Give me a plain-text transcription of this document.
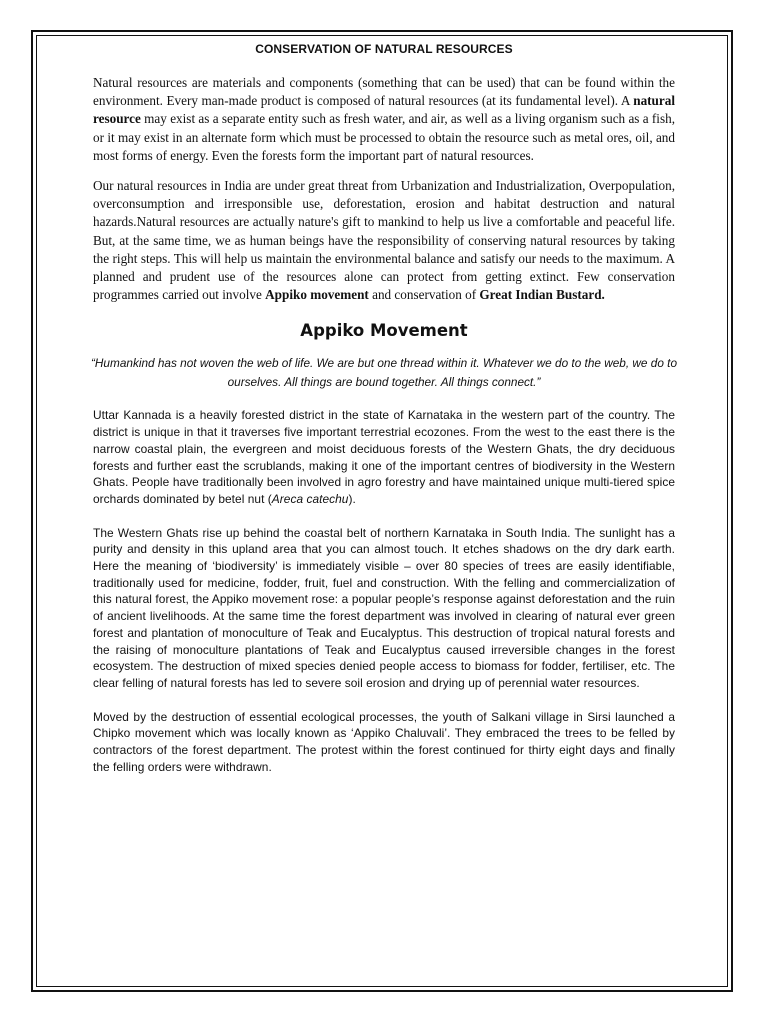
CONSERVATION OF NATURAL RESOURCES

Natural resources are materials and components (something that can be used) that can be found within the environment. Every man-made product is composed of natural resources (at its fundamental level). A natural resource may exist as a separate entity such as fresh water, and air, as well as a living organism such as a fish, or it may exist in an alternate form which must be processed to obtain the resource such as metal ores, oil, and most forms of energy. Even the forests form the important part of natural resources.

Our natural resources in India are under great threat from Urbanization and Industrialization, Overpopulation, overconsumption and irresponsible use, deforestation, erosion and habitat destruction and natural hazards.Natural resources are actually nature's gift to mankind to help us live a comfortable and peaceful life. But, at the same time, we as human beings have the responsibility of conserving natural resources by taking the right steps. This will help us maintain the environmental balance and satisfy our needs to the maximum. A planned and prudent use of the resources alone can protect from getting extinct. Few conservation programmes carried out involve Appiko movement and conservation of Great Indian Bustard.

Appiko Movement

“Humankind has not woven the web of life. We are but one thread within it. Whatever we do to the web, we do to ourselves. All things are bound together. All things connect.”

Uttar Kannada is a heavily forested district in the state of Karnataka in the western part of the country. The district is unique in that it traverses five important terrestrial ecozones. From the west to the east there is the narrow coastal plain, the evergreen and moist deciduous forests of the Western Ghats, the dry deciduous forests and further east the scrublands, making it one of the important centres of biodiversity in the Western Ghats. People have traditionally been involved in agro forestry and have maintained unique multi-tiered spice orchards dominated by betel nut (Areca catechu).

The Western Ghats rise up behind the coastal belt of northern Karnataka in South India. The sunlight has a purity and density in this upland area that you can almost touch. It etches shadows on the dry dark earth. Here the meaning of ‘biodiversity’ is immediately visible – over 80 species of trees are easily identifiable, traditionally used for medicine, fodder, fruit, fuel and construction. With the felling and commercialization of this natural forest, the Appiko movement rose: a popular people’s response against deforestation and the ruin of ancient livelihoods. At the same time the forest department was involved in clearing of natural ever green forest and plantation of monoculture of Teak and Eucalyptus. This destruction of tropical natural forests and the raising of monoculture plantations of Teak and Eucalyptus caused irreversible changes in the forest ecosystem. The destruction of mixed species denied people access to biomass for fodder, fertiliser, etc. The clear felling of natural forests has led to severe soil erosion and drying up of perennial water resources.

Moved by the destruction of essential ecological processes, the youth of Salkani village in Sirsi launched a Chipko movement which was locally known as ‘Appiko Chaluvali’. They embraced the trees to be felled by contractors of the forest department. The protest within the forest continued for thirty eight days and finally the felling orders were withdrawn.
